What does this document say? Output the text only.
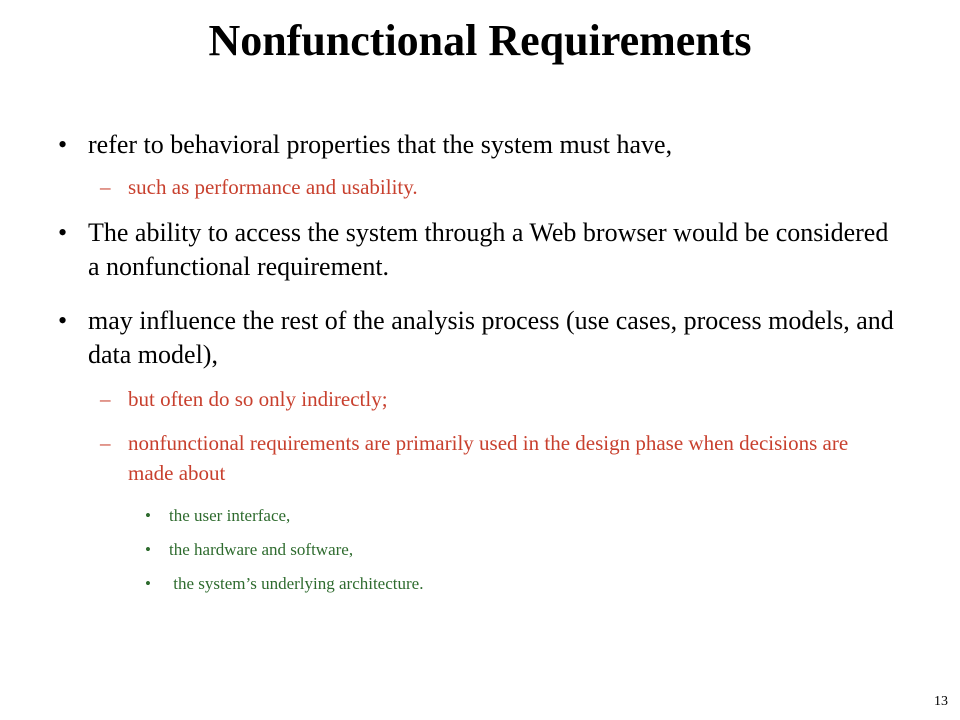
Nonfunctional Requirements
• refer to behavioral properties that the system must have,
– such as performance and usability.
• The ability to access the system through a Web browser would be considered a nonfunctional requirement.
• may influence the rest of the analysis process (use cases, process models, and data model),
– but often do so only indirectly;
– nonfunctional requirements are primarily used in the design phase when decisions are made about
• the user interface,
• the hardware and software,
• the system’s underlying architecture.
13
